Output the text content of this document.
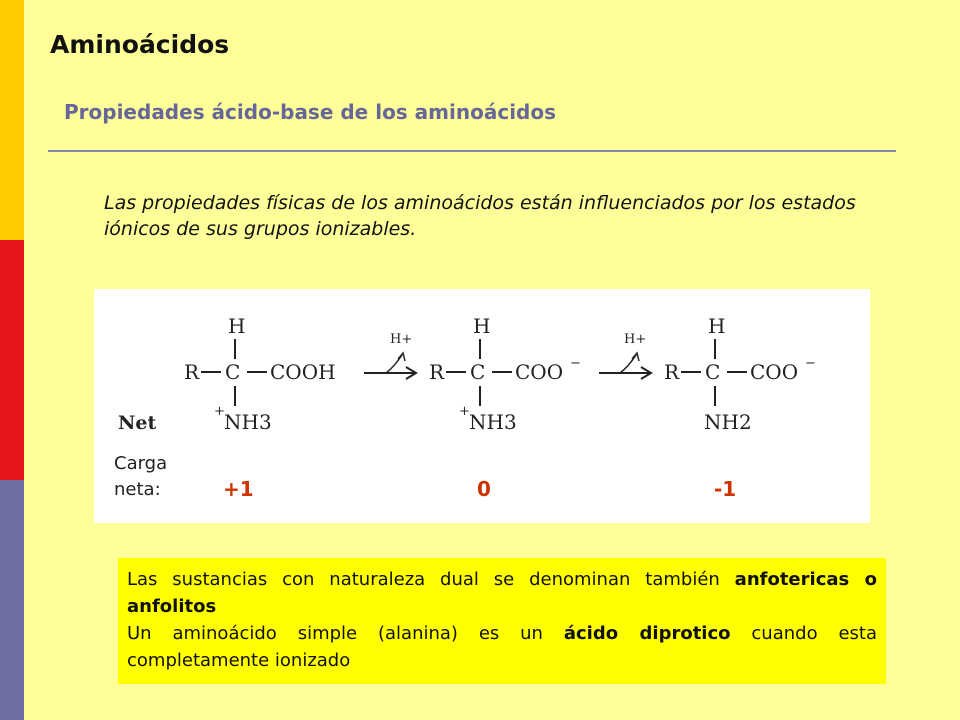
Aminoácidos
Propiedades ácido-base de los aminoácidos
Las propiedades físicas de los aminoácidos están influenciados por los estados iónicos de sus grupos ionizables.
H
R C COOH
+ NH3
H+
H
R C COO −
+ NH3
H+
H
R C COO −
NH2
Net
Carga
neta:	+1	0	-1
Las sustancias con naturaleza dual se denominan también anfotericas o anfolitos
Un aminoácido simple (alanina) es un ácido diprotico cuando esta completamente ionizado
